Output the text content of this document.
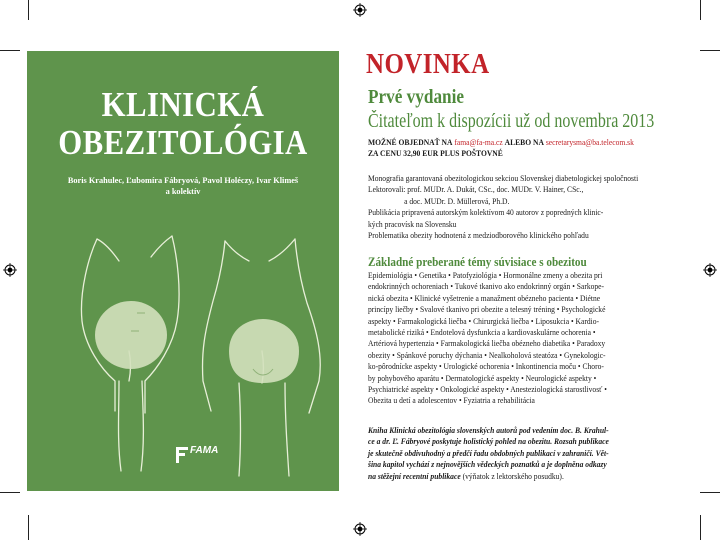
KLINICKÁ
OBEZITOLÓGIA
Boris Krahulec, Ľubomíra Fábryová, Pavol Holéczy, Ivar Klimeš
a kolektív
FAMA
NOVINKA
Prvé vydanie
Čitateľom k dispozícii už od novembra 2013
MOŽNÉ OBJEDNAŤ NA fama@fa-ma.cz ALEBO NA secretarysma@ba.telecom.sk
ZA CENU 32,90 EUR PLUS POŠTOVNÉ
Monografia garantovaná obezitologickou sekciou Slovenskej diabetologickej spoločnosti
Lektorovali: prof. MUDr. A. Dukát, CSc., doc. MUDr. V. Hainer, CSc.,
a doc. MUDr. D. Müllerová, Ph.D.
Publikácia pripravená autorským kolektívom 40 autorov z popredných klinic-
kých pracovísk na Slovensku
Problematika obezity hodnotená z medziodborového klinického pohľadu
Základné preberané témy súvisiace s obezitou
Epidemiológia • Genetika • Patofyziológia • Hormonálne zmeny a obezita pri
endokrinných ochoreniach • Tukové tkanivo ako endokrinný orgán • Sarkope-
nická obezita • Klinické vyšetrenie a manažment obézneho pacienta • Diétne
princípy liečby • Svalové tkanivo pri obezite a telesný tréning • Psychologické
aspekty • Farmakologická liečba • Chirurgická liečba • Liposukcia • Kardio-
metabolické riziká • Endotelová dysfunkcia a kardiovaskulárne ochorenia •
Artériová hypertenzia • Farmakologická liečba obézneho diabetika • Paradoxy
obezity • Spánkové poruchy dýchania • Nealkoholová steatóza • Gynekologic-
ko-pôrodnícke aspekty • Urologické ochorenia • Inkontinencia moču • Choro-
by pohybového aparátu • Dermatologické aspekty • Neurologické aspekty •
Psychiatrické aspekty • Onkologické aspekty • Anesteziologická starostlivosť •
Obezita u detí a adolescentov • Fyziatria a rehabilitácia
Kniha Klinická obezitológia slovenských autorů pod vedením doc. B. Krahul-
ce a dr. Ľ. Fábryové poskytuje holistický pohled na obezitu. Rozsah publikace
je skutečně obdivuhodný a předčí řadu obdobných publikací v zahraničí. Vět-
šina kapitol vychází z nejnovějších vědeckých poznatků a je doplněna odkazy
na stěžejní recentní publikace (výňatok z lektorského posudku).
